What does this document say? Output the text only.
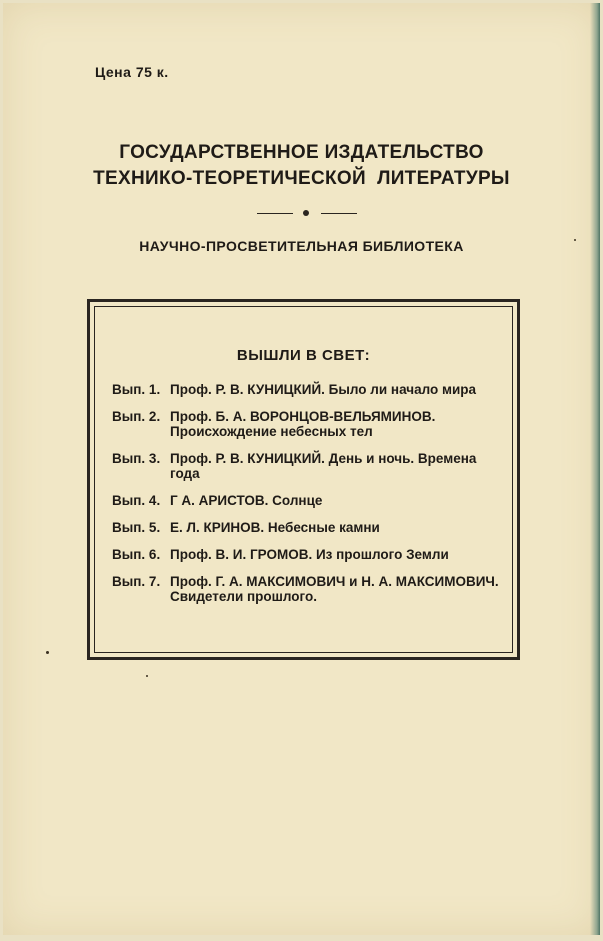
Цена 75 к.
ГОСУДАРСТВЕННОЕ ИЗДАТЕЛЬСТВО
ТЕХНИКО-ТЕОРЕТИЧЕСКОЙ  ЛИТЕРАТУРЫ
НАУЧНО-ПРОСВЕТИТЕЛЬНАЯ БИБЛИОТЕКА
ВЫШЛИ В СВЕТ:
Вып. 1. Проф. Р. В. КУНИЦКИЙ. Было ли начало мира
Вып. 2. Проф. Б. А. ВОРОНЦОВ-ВЕЛЬЯМИНОВ. Происхождение небесных тел
Вып. 3. Проф. Р. В. КУНИЦКИЙ. День и ночь. Времена года
Вып. 4. Г А. АРИСТОВ. Солнце
Вып. 5. Е. Л. КРИНОВ. Небесные камни
Вып. 6. Проф. В. И. ГРОМОВ. Из прошлого Земли
Вып. 7. Проф. Г. А. МАКСИМОВИЧ и Н. А. МАКСИМОВИЧ. Свидетели прошлого.
